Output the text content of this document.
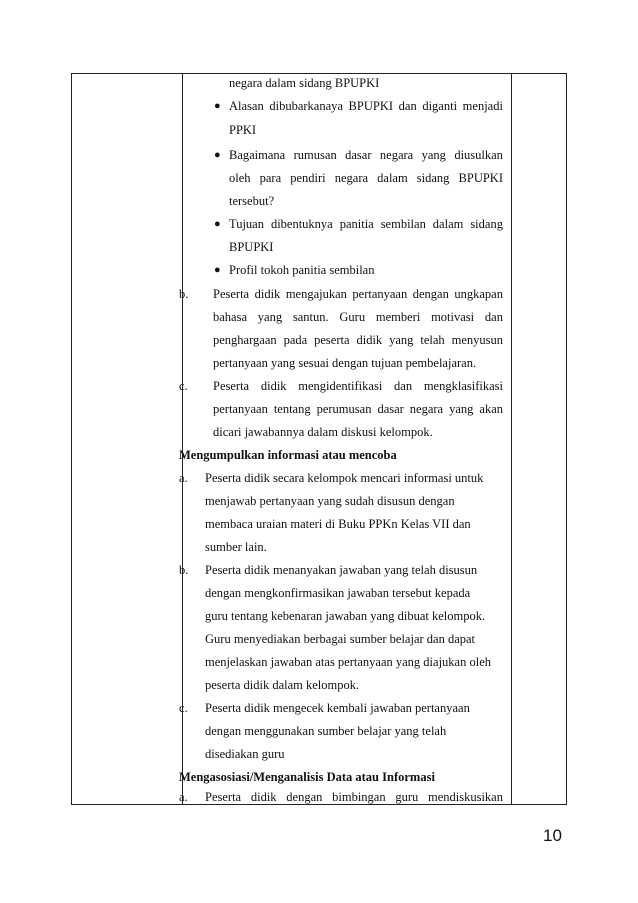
negara dalam sidang BPUPKI
● Alasan dibubarkanaya BPUPKI dan diganti menjadi
PPKI
● Bagaimana rumusan dasar negara yang diusulkan
oleh para pendiri negara dalam sidang BPUPKI
tersebut?
● Tujuan dibentuknya panitia sembilan dalam sidang
BPUPKI
● Profil tokoh panitia sembilan
b. Peserta didik mengajukan pertanyaan dengan ungkapan
bahasa yang santun. Guru memberi motivasi dan
penghargaan pada peserta didik yang telah menyusun
pertanyaan yang sesuai dengan tujuan pembelajaran.
c. Peserta didik mengidentifikasi dan mengklasifikasi
pertanyaan tentang perumusan dasar negara yang akan
dicari jawabannya dalam diskusi kelompok.
Mengumpulkan informasi atau mencoba
a. Peserta didik secara kelompok mencari informasi untuk
menjawab pertanyaan yang sudah disusun dengan
membaca uraian materi di Buku PPKn Kelas VII dan
sumber lain.
b. Peserta didik menanyakan jawaban yang telah disusun
dengan mengkonfirmasikan jawaban tersebut kepada
guru tentang kebenaran jawaban yang dibuat kelompok.
Guru menyediakan berbagai sumber belajar dan dapat
menjelaskan jawaban atas pertanyaan yang diajukan oleh
peserta didik dalam kelompok.
c. Peserta didik mengecek kembali jawaban pertanyaan
dengan menggunakan sumber belajar yang telah
disediakan guru
Mengasosiasi/Menganalisis Data atau Informasi
a. Peserta didik dengan bimbingan guru mendiskusikan
10
